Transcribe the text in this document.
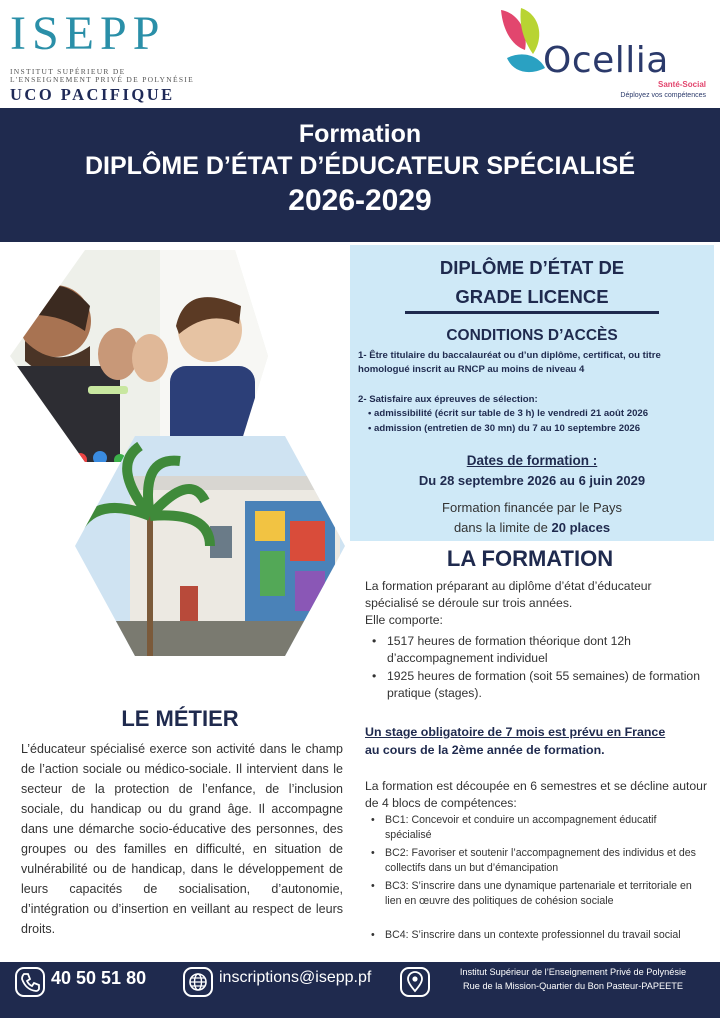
ISEPP
INSTITUT SUPÉRIEUR DE
L'ENSEIGNEMENT PRIVÉ DE POLYNÉSIE
UCO PACIFIQUE
Ocellia
Santé-Social
Déployez vos compétences
Formation
DIPLÔME D’ÉTAT D’ÉDUCATEUR SPÉCIALISÉ
2026-2029
DIPLÔME D’ÉTAT DE
GRADE LICENCE
CONDITIONS D’ACCÈS
1- Être titulaire du baccalauréat ou d’un diplôme, certificat, ou titre homologué inscrit au RNCP au moins de niveau 4
2- Satisfaire aux épreuves de sélection:
• admissibilité (écrit sur table de 3 h) le vendredi 21 août 2026
• admission (entretien de 30 mn) du 7 au 10 septembre 2026
Dates de formation :
Du 28 septembre 2026 au 6 juin 2029
Formation financée par le Pays
dans la limite de 20 places
LA FORMATION
La formation préparant au diplôme d’état d’éducateur spécialisé se déroule sur trois années.
Elle comporte:
• 1517 heures de formation théorique dont 12h d’accompagnement individuel
• 1925 heures de formation (soit 55 semaines) de formation pratique (stages).
Un stage obligatoire de 7 mois est prévu en France
au cours de la 2ème année de formation.
La formation est découpée en 6 semestres et se décline autour de 4 blocs de compétences:
• BC1: Concevoir et conduire un accompagnement éducatif spécialisé
• BC2: Favoriser et soutenir l’accompagnement des individus et des collectifs dans un but d’émancipation
• BC3: S’inscrire dans une dynamique partenariale et territoriale en lien en œuvre des politiques de cohésion sociale
• BC4: S’inscrire dans un contexte professionnel du travail social
LE MÉTIER
L’éducateur spécialisé exerce son activité dans le champ de l’action sociale ou médico-sociale. Il intervient dans le secteur de la protection de l’enfance, de l’inclusion sociale, du handicap ou du grand âge. Il accompagne dans une démarche socio-éducative des personnes, des groupes ou des familles en difficulté, en situation de vulnérabilité ou de handicap, dans le développement de leurs capacités de socialisation, d’autonomie, d’intégration ou d’insertion en veillant au respect de leurs droits.
40 50 51 80	inscriptions@isepp.pf	Institut Supérieur de l’Enseignement Privé de Polynésie
Rue de la Mission-Quartier du Bon Pasteur-PAPEETE
